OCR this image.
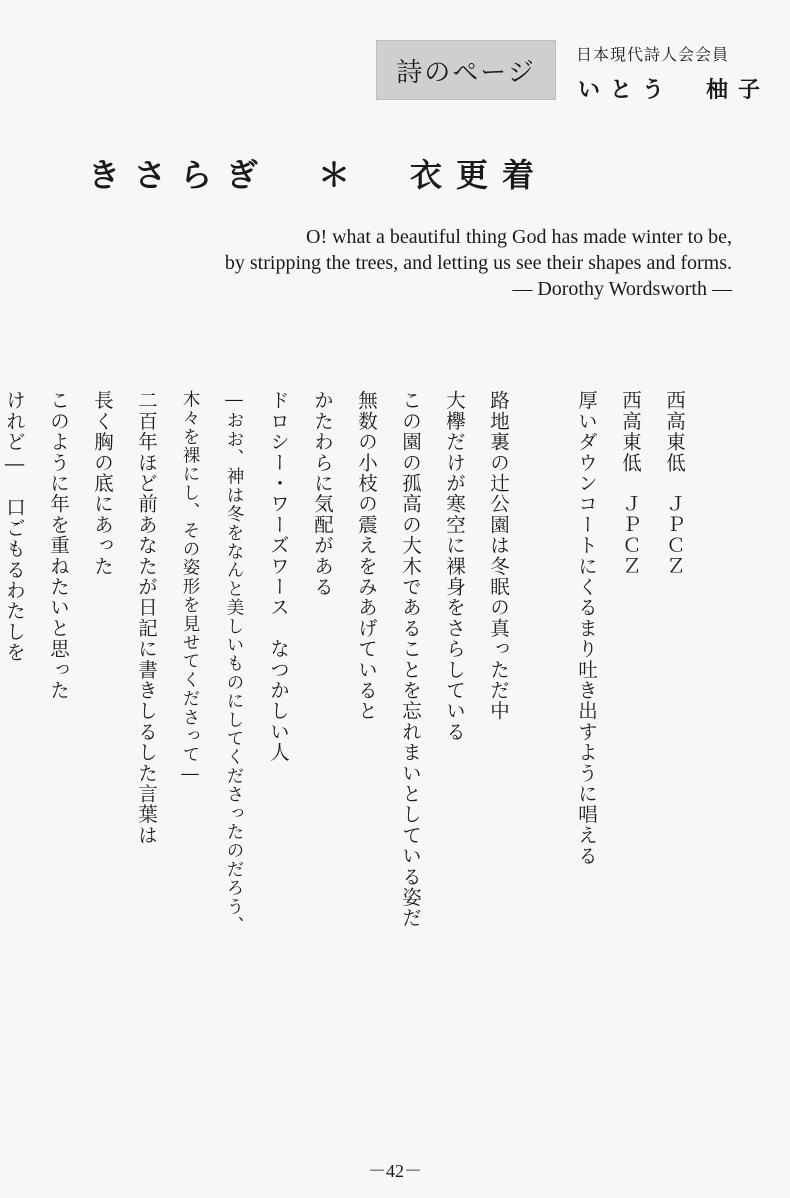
詩のページ
日本現代詩人会会員
いとう　柚子
きさらぎ　＊　衣更着
O! what a beautiful thing God has made winter to be,
by stripping the trees, and letting us see their shapes and forms.
― Dorothy Wordsworth ―
西高東低　ＪＰＣＺ
西高東低　ＪＰＣＺ
厚いダウンコートにくるまり吐き出すように唱える
路地裏の辻公園は冬眠の真っただ中
大欅だけが寒空に裸身をさらしている
この園の孤高の大木であることを忘れまいとしている姿だ
無数の小枝の震えをみあげていると
かたわらに気配がある
ドロシー・ワーズワース　なつかしい人
―おお、神は冬をなんと美しいものにしてくださったのだろう、
木々を裸にし、その姿形を見せてくださって―
二百年ほど前あなたが日記に書きしるした言葉は
長く胸の底にあった
このように年を重ねたいと思った
けれど―　口ごもるわたしを
－42－
